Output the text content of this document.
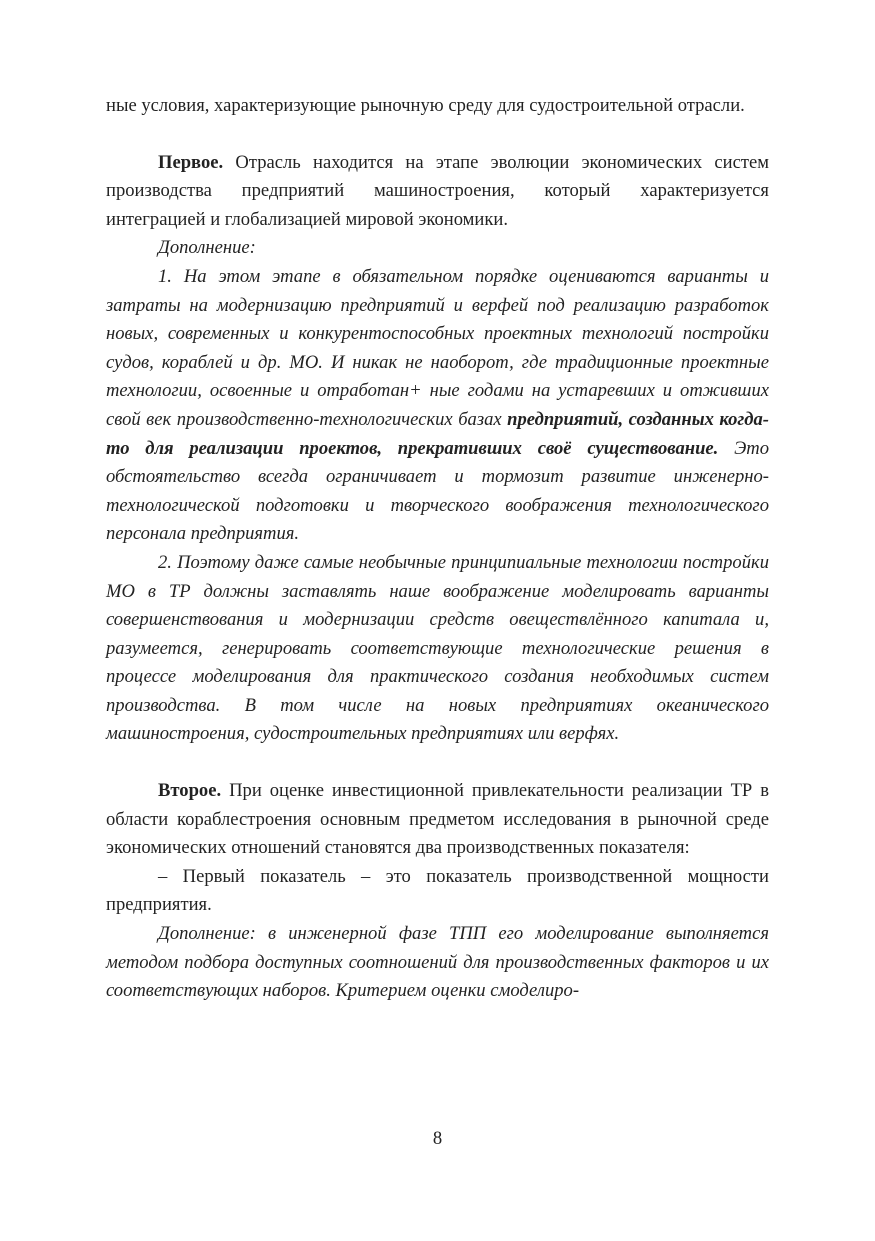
ные условия, характеризующие рыночную среду для судостроительной отрасли.

Первое. Отрасль находится на этапе эволюции экономических систем производства предприятий машиностроения, который характеризуется интеграцией и глобализацией мировой экономики.

Дополнение:

1. На этом этапе в обязательном порядке оцениваются варианты и затраты на модернизацию предприятий и верфей под реализацию разработок новых, современных и конкурентоспособных проектных технологий постройки судов, кораблей и др. МО. И никак не наоборот, где традиционные проектные технологии, освоенные и отработан+ ные годами на устаревших и отживших свой век производственно-технологических базах предприятий, созданных когда-то для реализации проектов, прекративших своё существование. Это обстоятельство всегда ограничивает и тормозит развитие инженерно-технологической подготовки и творческого воображения технологического персонала предприятия.

2. Поэтому даже самые необычные принципиальные технологии постройки МО в ТР должны заставлять наше воображение моделировать варианты совершенствования и модернизации средств овеществлённого капитала и, разумеется, генерировать соответствующие технологические решения в процессе моделирования для практического создания необходимых систем производства. В том числе на новых предприятиях океанического машиностроения, судостроительных предприятиях или верфях.

Второе. При оценке инвестиционной привлекательности реализации ТР в области кораблестроения основным предметом исследования в рыночной среде экономических отношений становятся два производственных показателя:

– Первый показатель – это показатель производственной мощности предприятия.

Дополнение: в инженерной фазе ТПП его моделирование выполняется методом подбора доступных соотношений для производственных факторов и их соответствующих наборов. Критерием оценки смоделиро-

8
